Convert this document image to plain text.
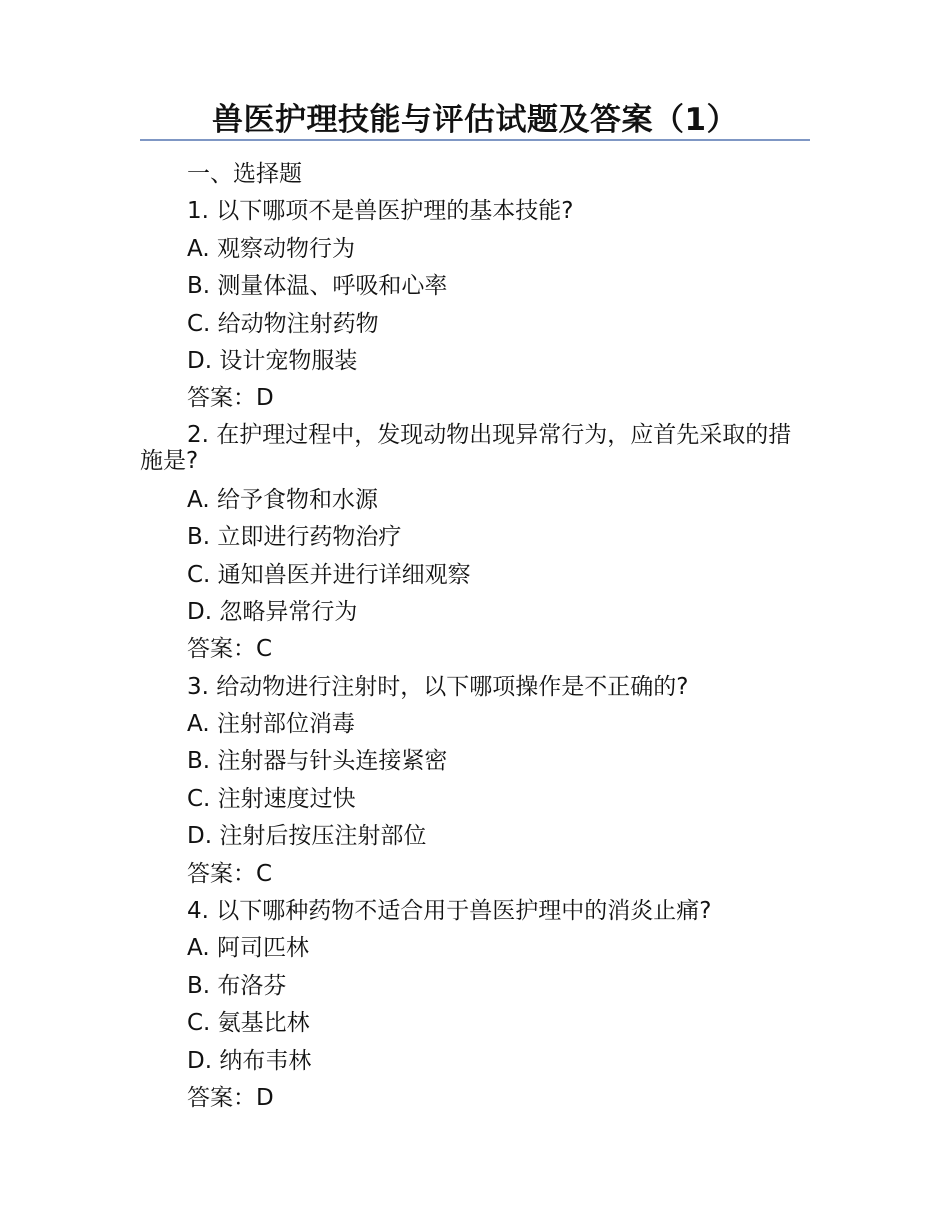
兽医护理技能与评估试题及答案（1）
一、选择题
1. 以下哪项不是兽医护理的基本技能?
A. 观察动物行为
B. 测量体温、呼吸和心率
C. 给动物注射药物
D. 设计宠物服装
答案：D
2. 在护理过程中，发现动物出现异常行为，应首先采取的措施是?
A. 给予食物和水源
B. 立即进行药物治疗
C. 通知兽医并进行详细观察
D. 忽略异常行为
答案：C
3. 给动物进行注射时，以下哪项操作是不正确的?
A. 注射部位消毒
B. 注射器与针头连接紧密
C. 注射速度过快
D. 注射后按压注射部位
答案：C
4. 以下哪种药物不适合用于兽医护理中的消炎止痛?
A. 阿司匹林
B. 布洛芬
C. 氨基比林
D. 纳布韦林
答案：D
